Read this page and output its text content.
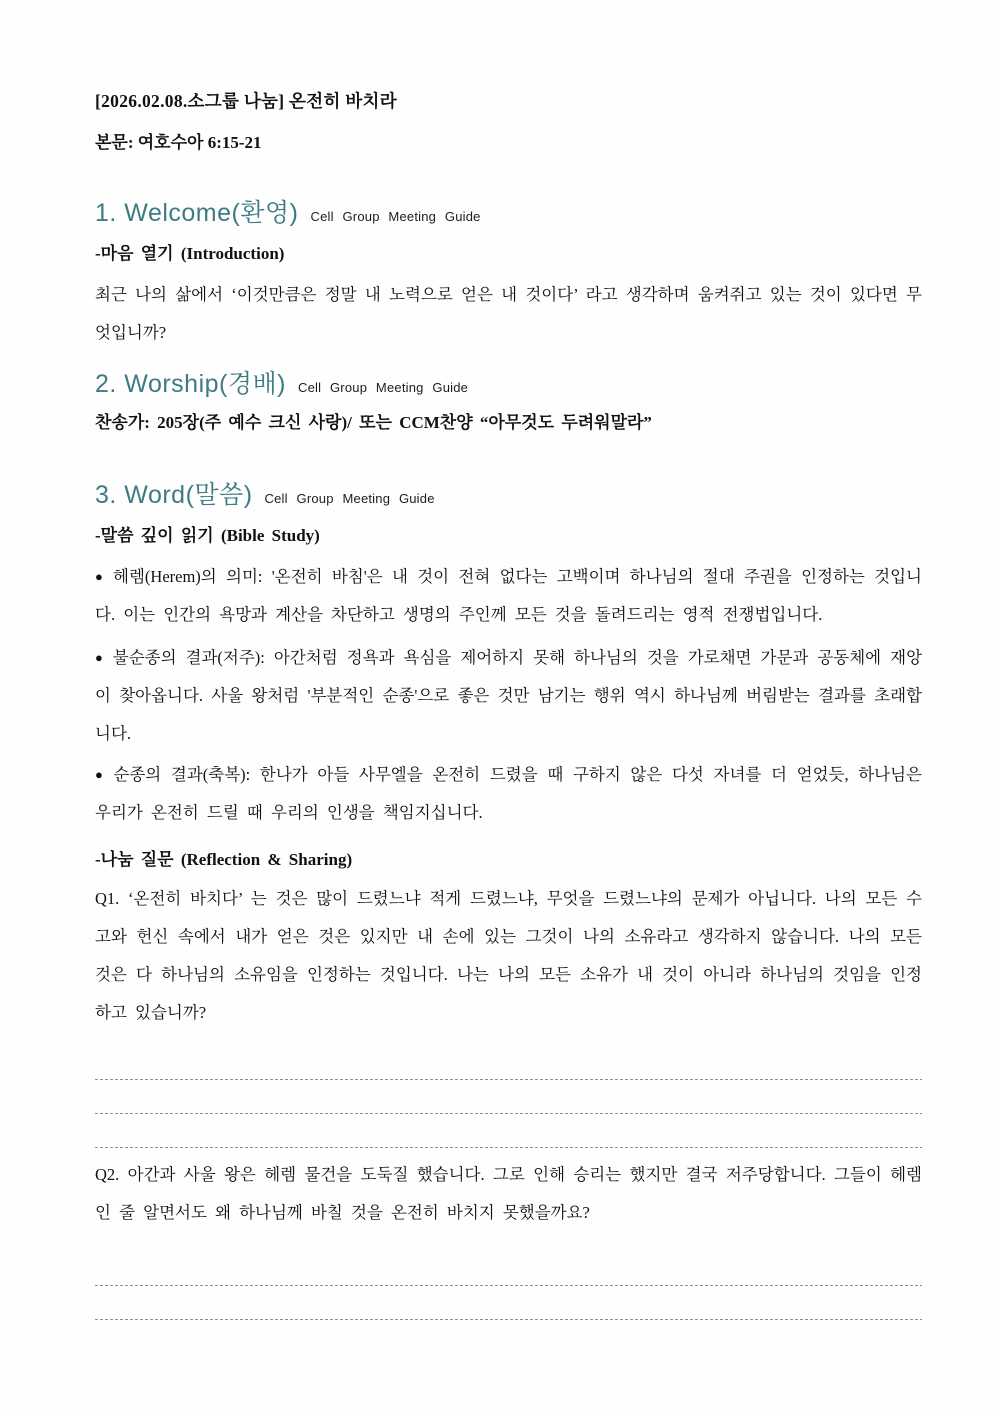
[2026.02.08.소그룹 나눔] 온전히 바치라
본문: 여호수아 6:15-21
1. Welcome(환영) Cell Group Meeting Guide
-마음 열기 (Introduction)
최근 나의 삶에서 ‘이것만큼은 정말 내 노력으로 얻은 내 것이다’ 라고 생각하며 움켜쥐고 있는 것이 있다면 무엇입니까?
2. Worship(경배) Cell Group Meeting Guide
찬송가: 205장(주 예수 크신 사랑)/ 또는 CCM찬양 “아무것도 두려워말라”
3. Word(말씀) Cell Group Meeting Guide
-말씀 깊이 읽기 (Bible Study)
● 헤렘(Herem)의 의미: '온전히 바침'은 내 것이 전혀 없다는 고백이며 하나님의 절대 주권을 인정하는 것입니다. 이는 인간의 욕망과 계산을 차단하고 생명의 주인께 모든 것을 돌려드리는 영적 전쟁법입니다.
● 불순종의 결과(저주): 아간처럼 정욕과 욕심을 제어하지 못해 하나님의 것을 가로채면 가문과 공동체에 재앙이 찾아옵니다. 사울 왕처럼 '부분적인 순종'으로 좋은 것만 남기는 행위 역시 하나님께 버림받는 결과를 초래합니다.
● 순종의 결과(축복): 한나가 아들 사무엘을 온전히 드렸을 때 구하지 않은 다섯 자녀를 더 얻었듯, 하나님은 우리가 온전히 드릴 때 우리의 인생을 책임지십니다.
-나눔 질문 (Reflection & Sharing)
Q1. ‘온전히 바치다’ 는 것은 많이 드렸느냐 적게 드렸느냐, 무엇을 드렸느냐의 문제가 아닙니다. 나의 모든 수고와 헌신 속에서 내가 얻은 것은 있지만 내 손에 있는 그것이 나의 소유라고 생각하지 않습니다. 나의 모든 것은 다 하나님의 소유임을 인정하는 것입니다. 나는 나의 모든 소유가 내 것이 아니라 하나님의 것임을 인정하고 있습니까?
Q2. 아간과 사울 왕은 헤렘 물건을 도둑질 했습니다. 그로 인해 승리는 했지만 결국 저주당합니다. 그들이 헤렘 인 줄 알면서도 왜 하나님께 바칠 것을 온전히 바치지 못했을까요?
